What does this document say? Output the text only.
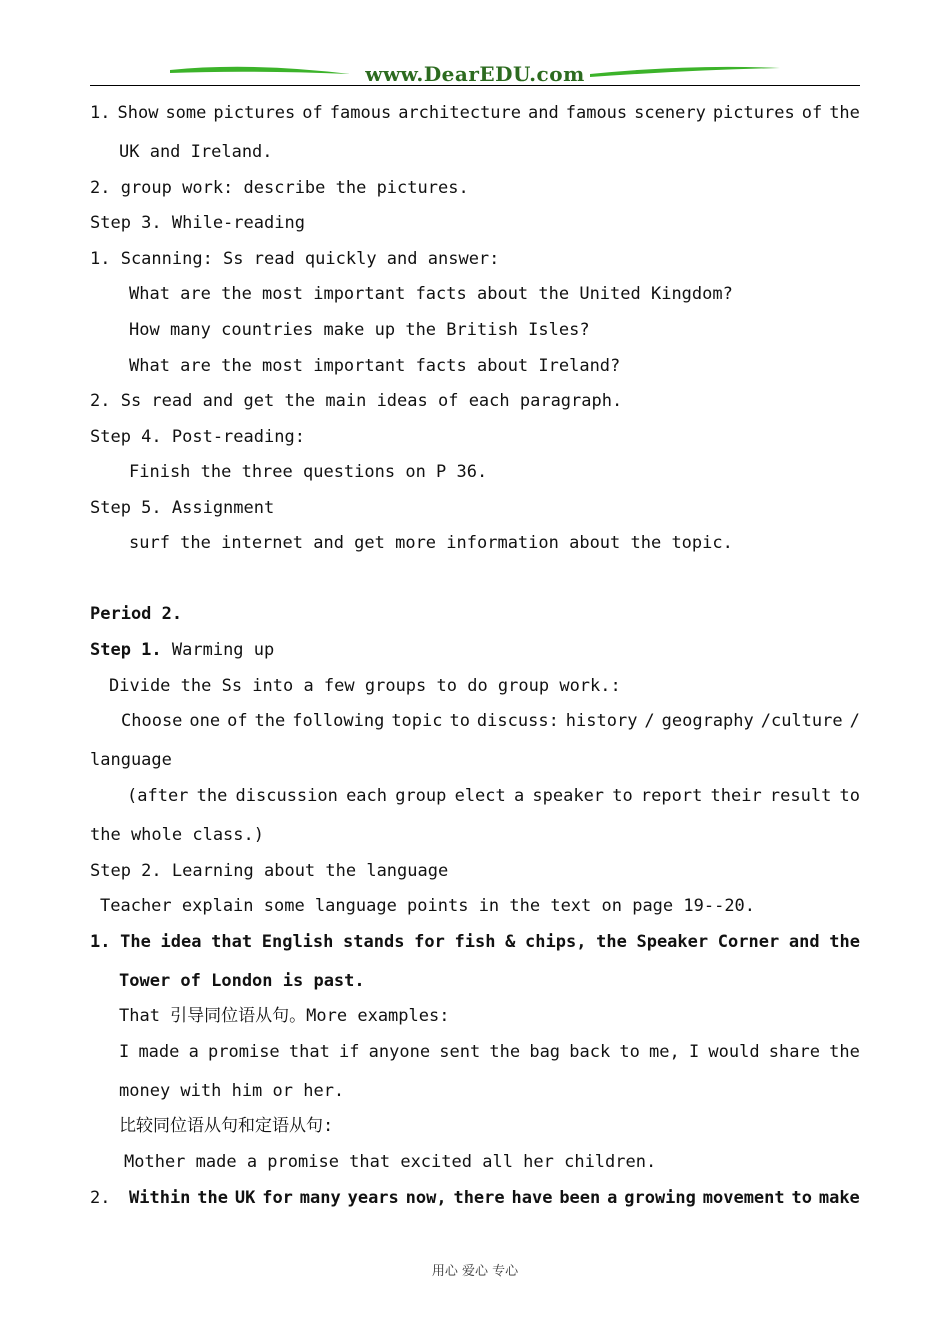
www.DearEDU.com
1. Show some pictures of famous architecture and famous scenery pictures of the
UK and Ireland.
2. group work: describe the pictures.
Step 3. While-reading
1. Scanning: Ss read quickly and answer:
What are the most important facts about the United Kingdom?
How many countries make up the British Isles?
What are the most important facts about Ireland?
2. Ss read and get the main ideas of each paragraph.
Step 4. Post-reading:
Finish the three questions on P 36.
Step 5. Assignment
surf the internet and get more information about the topic.
Period 2.
Step 1. Warming up
Divide the Ss into a few groups to do group work.:
Choose one of the following topic to discuss: history / geography /culture /
language
(after the discussion each group elect a speaker to report their result to
the whole class.)
Step 2. Learning about the language
Teacher explain some language points in the text on page 19--20.
1. The idea that English stands for fish & chips, the Speaker Corner and the
Tower of London is past.
That 引导同位语从句。More examples:
I made a promise that if anyone sent the bag back to me, I would share the
money with him or her.
比较同位语从句和定语从句:
Mother made a promise that excited all her children.
2. Within the UK for many years now, there have been a growing movement to make
用心 爱心 专心
